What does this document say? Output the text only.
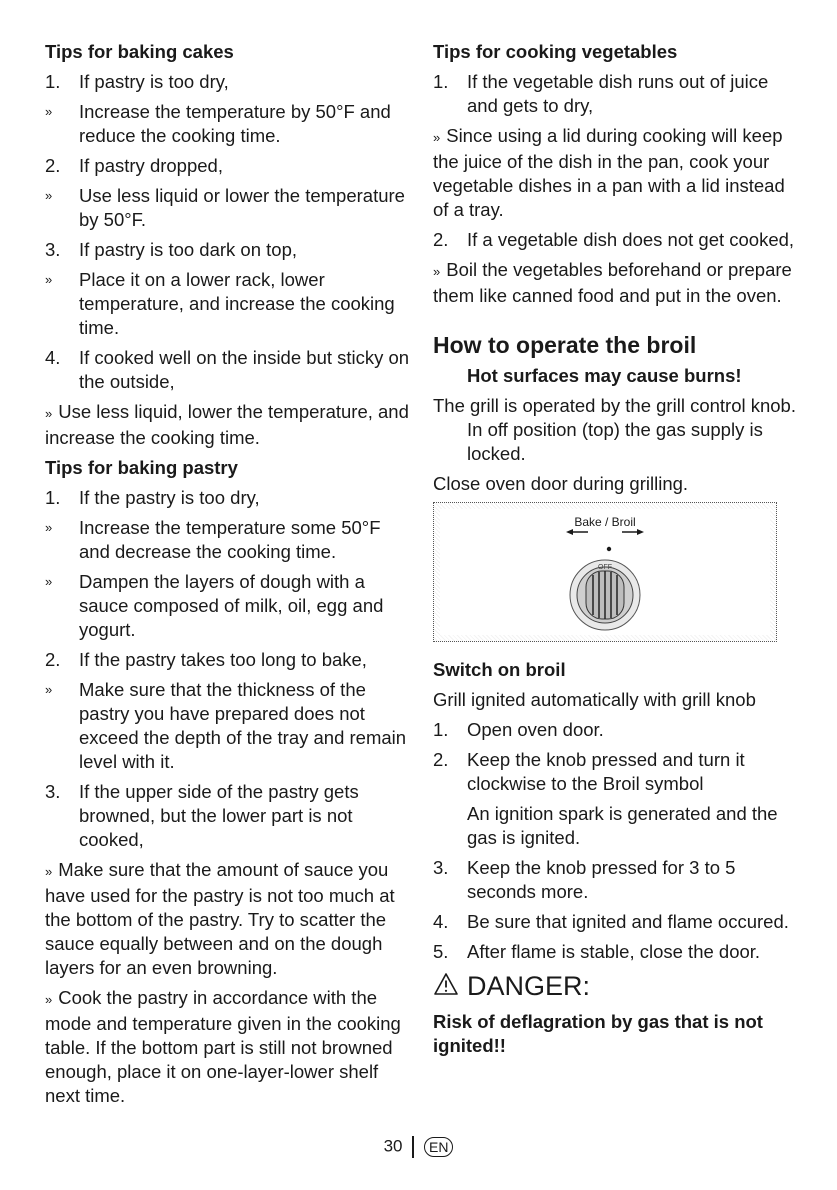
Tips for baking cakes
1.	If pastry is too dry,
»	Increase the temperature by 50°F and reduce the cooking time.
2.	If pastry dropped,
»	Use less liquid or lower the temperature by 50°F.
3.	If pastry is too dark on top,
»	Place it on a lower rack, lower temperature, and increase the cooking time.
4.	If cooked well on the inside but sticky on the outside,
» Use less liquid, lower the temperature, and increase the cooking time.
Tips for baking pastry
1.	If the pastry is too dry,
»	Increase the temperature some 50°F and decrease the cooking time.
»	Dampen the layers of dough with a sauce composed of milk, oil, egg and yogurt.
2.	If the pastry takes too long to bake,
»	Make sure that the thickness of the pastry you have prepared does not exceed the depth of the tray and remain level with it.
3.	If the upper side of the pastry gets browned, but the lower part is not cooked,
» Make sure that the amount of sauce you have used for the pastry is not too much at the bottom of the pastry. Try to scatter the sauce equally between and on the dough layers for an even browning.
» Cook the pastry in accordance with the mode and temperature given in the cooking table. If the bottom part is still not browned enough, place it on one-layer-lower shelf next time.
Tips for cooking vegetables
1.	If the vegetable dish runs out of juice and gets to dry,
» Since using a lid during cooking will keep the juice of the dish in the pan, cook your vegetable dishes in a pan with a lid instead of a tray.
2.	If a vegetable dish does not get cooked,
» Boil the vegetables beforehand or prepare them like canned food and put in the oven.
How to operate the broil
Hot surfaces may cause burns!
The grill is operated by the grill control knob. In off position (top) the gas supply is locked.
Close oven door during grilling.
Bake / Broil
OFF
Switch on broil
Grill ignited automatically with grill knob
1.	Open oven door.
2.	Keep the knob pressed and turn it clockwise to the Broil symbol
An ignition spark is generated and the gas is ignited.
3.	Keep the knob pressed for 3 to 5 seconds more.
4.	Be sure that ignited and flame occured.
5.	After flame is stable, close the door.
DANGER:
Risk of deflagration by gas that is not ignited!!
30 EN
